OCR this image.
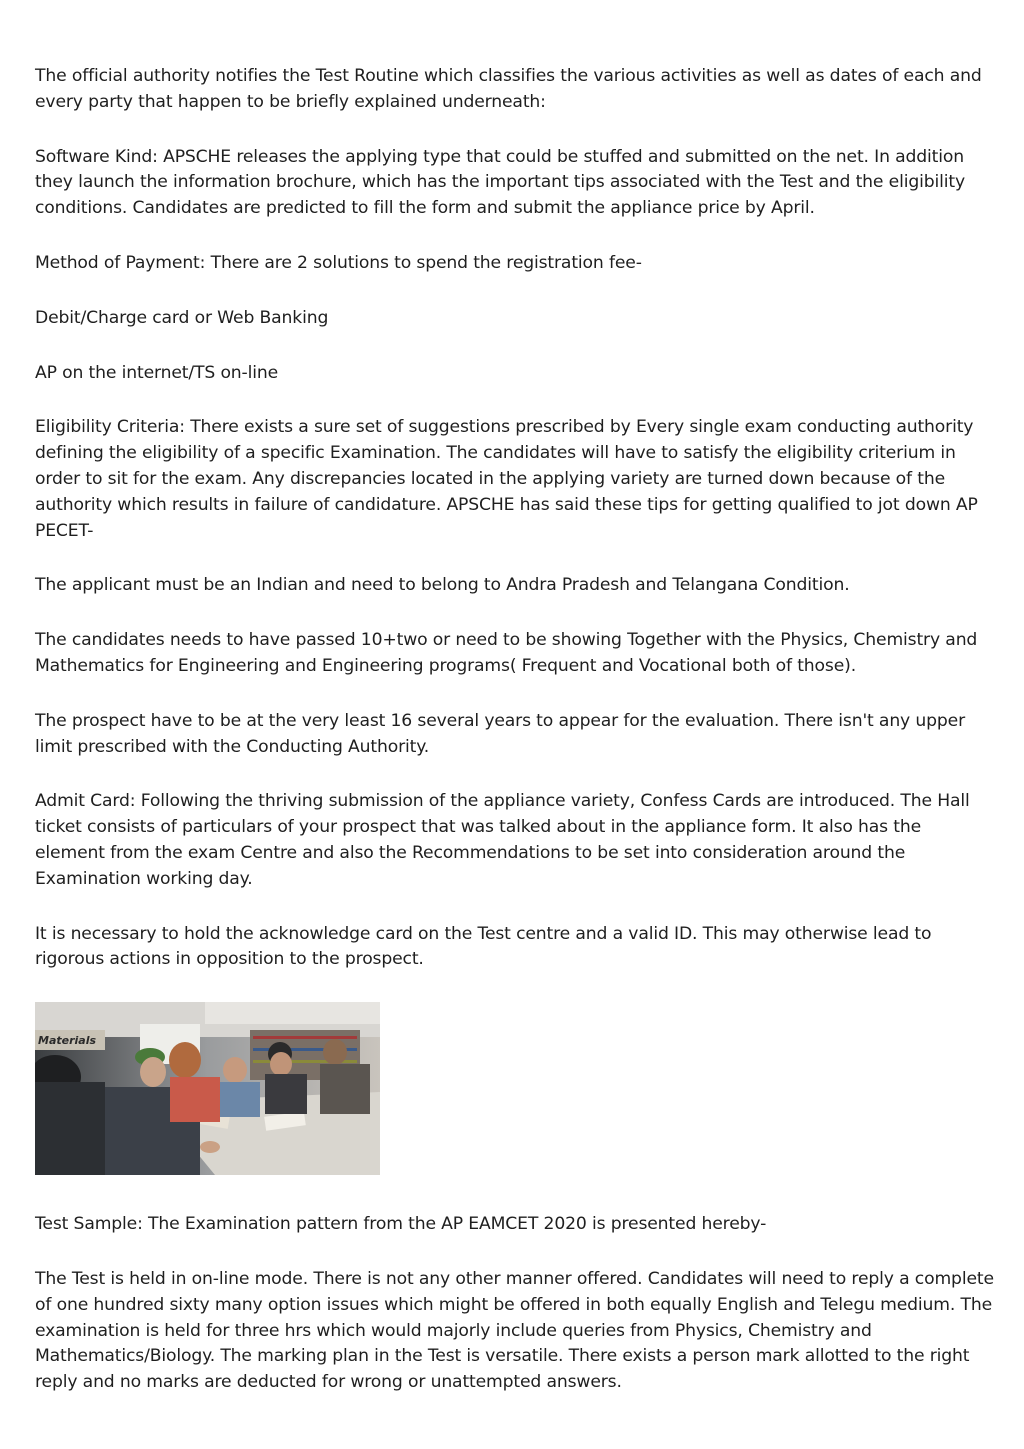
The official authority notifies the Test Routine which classifies the various activities as well as dates of each and every party that happen to be briefly explained underneath:

Software Kind: APSCHE releases the applying type that could be stuffed and submitted on the net. In addition they launch the information brochure, which has the important tips associated with the Test and the eligibility conditions. Candidates are predicted to fill the form and submit the appliance price by April.

Method of Payment: There are 2 solutions to spend the registration fee-

Debit/Charge card or Web Banking

AP on the internet/TS on-line

Eligibility Criteria: There exists a sure set of suggestions prescribed by Every single exam conducting authority defining the eligibility of a specific Examination. The candidates will have to satisfy the eligibility criterium in order to sit for the exam. Any discrepancies located in the applying variety are turned down because of the authority which results in failure of candidature. APSCHE has said these tips for getting qualified to jot down AP PECET-

The applicant must be an Indian and need to belong to Andra Pradesh and Telangana Condition.

The candidates needs to have passed 10+two or need to be showing Together with the Physics, Chemistry and Mathematics for Engineering and Engineering programs( Frequent and Vocational both of those).

The prospect have to be at the very least 16 several years to appear for the evaluation. There isn't any upper limit prescribed with the Conducting Authority.

Admit Card: Following the thriving submission of the appliance variety, Confess Cards are introduced. The Hall ticket consists of particulars of your prospect that was talked about in the appliance form. It also has the element from the exam Centre and also the Recommendations to be set into consideration around the Examination working day.

It is necessary to hold the acknowledge card on the Test centre and a valid ID. This may otherwise lead to rigorous actions in opposition to the prospect.

Materials

Test Sample: The Examination pattern from the AP EAMCET 2020 is presented hereby-

The Test is held in on-line mode. There is not any other manner offered. Candidates will need to reply a complete of one hundred sixty many option issues which might be offered in both equally English and Telegu medium. The examination is held for three hrs which would majorly include queries from Physics, Chemistry and Mathematics/Biology. The marking plan in the Test is versatile. There exists a person mark allotted to the right reply and no marks are deducted for wrong or unattempted answers.
